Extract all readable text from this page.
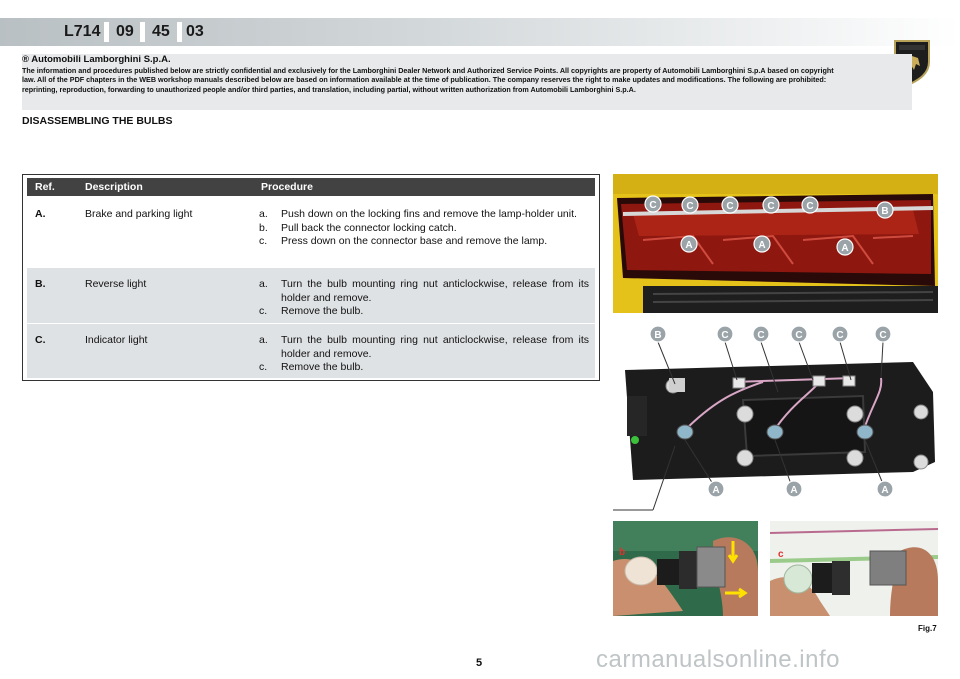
L714 09 45 03
® Automobili Lamborghini S.p.A.
The information and procedures published below are strictly confidential and exclusively for the Lamborghini Dealer Network and Authorized Service Points. All copyrights are property of Automobili Lamborghini S.p.A based on copyright law. All of the PDF chapters in the WEB workshop manuals described below are based on information available at the time of publication. The company reserves the right to make updates and modifications. The following are prohibited: reprinting, reproduction, forwarding to unauthorized people and/or third parties, and translation, including partial, without written authorization from Automobili Lamborghini S.p.A.
DISASSEMBLING THE BULBS
Ref.	Description	Procedure
A.	Brake and parking light	a.	Push down on the locking fins and remove the lamp-holder unit.
b.	Pull back the connector locking catch.
c.	Press down on the connector base and remove the lamp.
B.	Reverse light	a.	Turn the bulb mounting ring nut anticlockwise, release from its holder and remove.
c.	Remove the bulb.
C.	Indicator light	a.	Turn the bulb mounting ring nut anticlockwise, release from its holder and remove.
c.	Remove the bulb.
C	C	C	C	C	B
A	A	A
B	C	C	C	C	C
A	A	A
b	c
Fig.7
5	carmanualsonline.info
